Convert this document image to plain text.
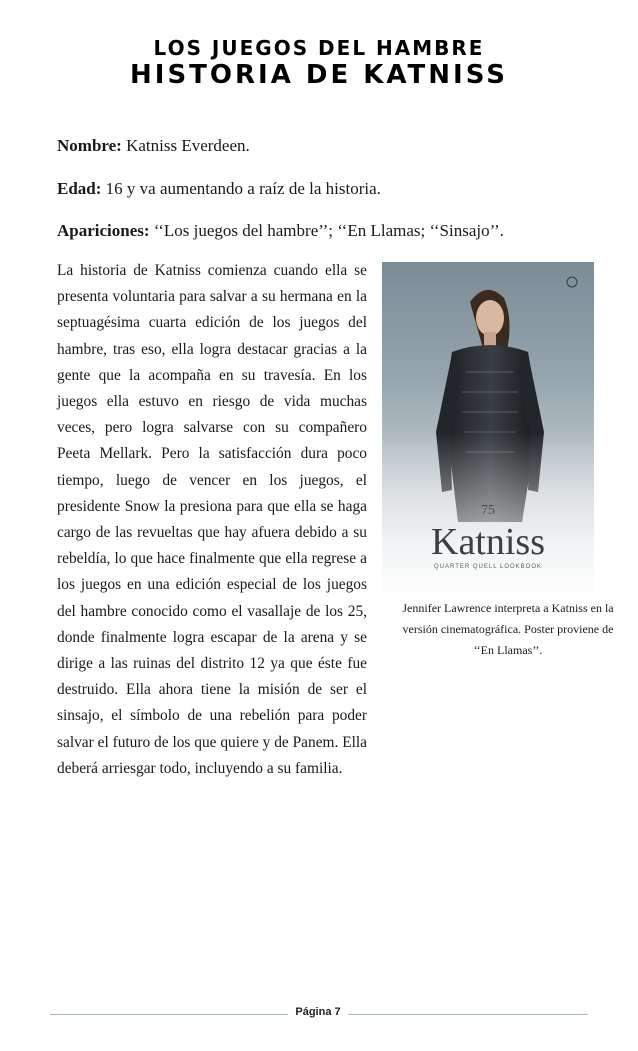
LOS JUEGOS DEL HAMBRE
HISTORIA DE KATNISS
Nombre: Katniss Everdeen.
Edad: 16 y va aumentando a raíz de la historia.
Apariciones: ‘‘Los juegos del hambre’’; ‘‘En Llamas; ‘‘Sinsajo’’.

La historia de Katniss comienza cuando ella se presenta voluntaria para salvar a su hermana en la septuagésima cuarta edición de los juegos del hambre, tras eso, ella logra destacar gracias a la gente que la acompaña en su travesía. En los juegos ella estuvo en riesgo de vida muchas veces, pero logra salvarse con su compañero Peeta Mellark. Pero la satisfacción dura poco tiempo, luego de vencer en los juegos, el presidente Snow la presiona para que ella se haga cargo de las revueltas que hay afuera debido a su rebeldía, lo que hace finalmente que ella regrese a los juegos en una edición especial de los juegos del hambre conocido como el vasallaje de los 25, donde finalmente logra escapar de la arena y se dirige a las ruinas del distrito 12 ya que éste fue destruido. Ella ahora tiene la misión de ser el sinsajo, el símbolo de una rebelión para poder salvar el futuro de los que quiere y de Panem. Ella deberá arriesgar todo, incluyendo a su familia.

75
Katniss
QUARTER QUELL LOOKBOOK

Jennifer Lawrence interpreta a Katniss en la versión cinematográfica. Poster proviene de ‘‘En Llamas’’.

Página 7
